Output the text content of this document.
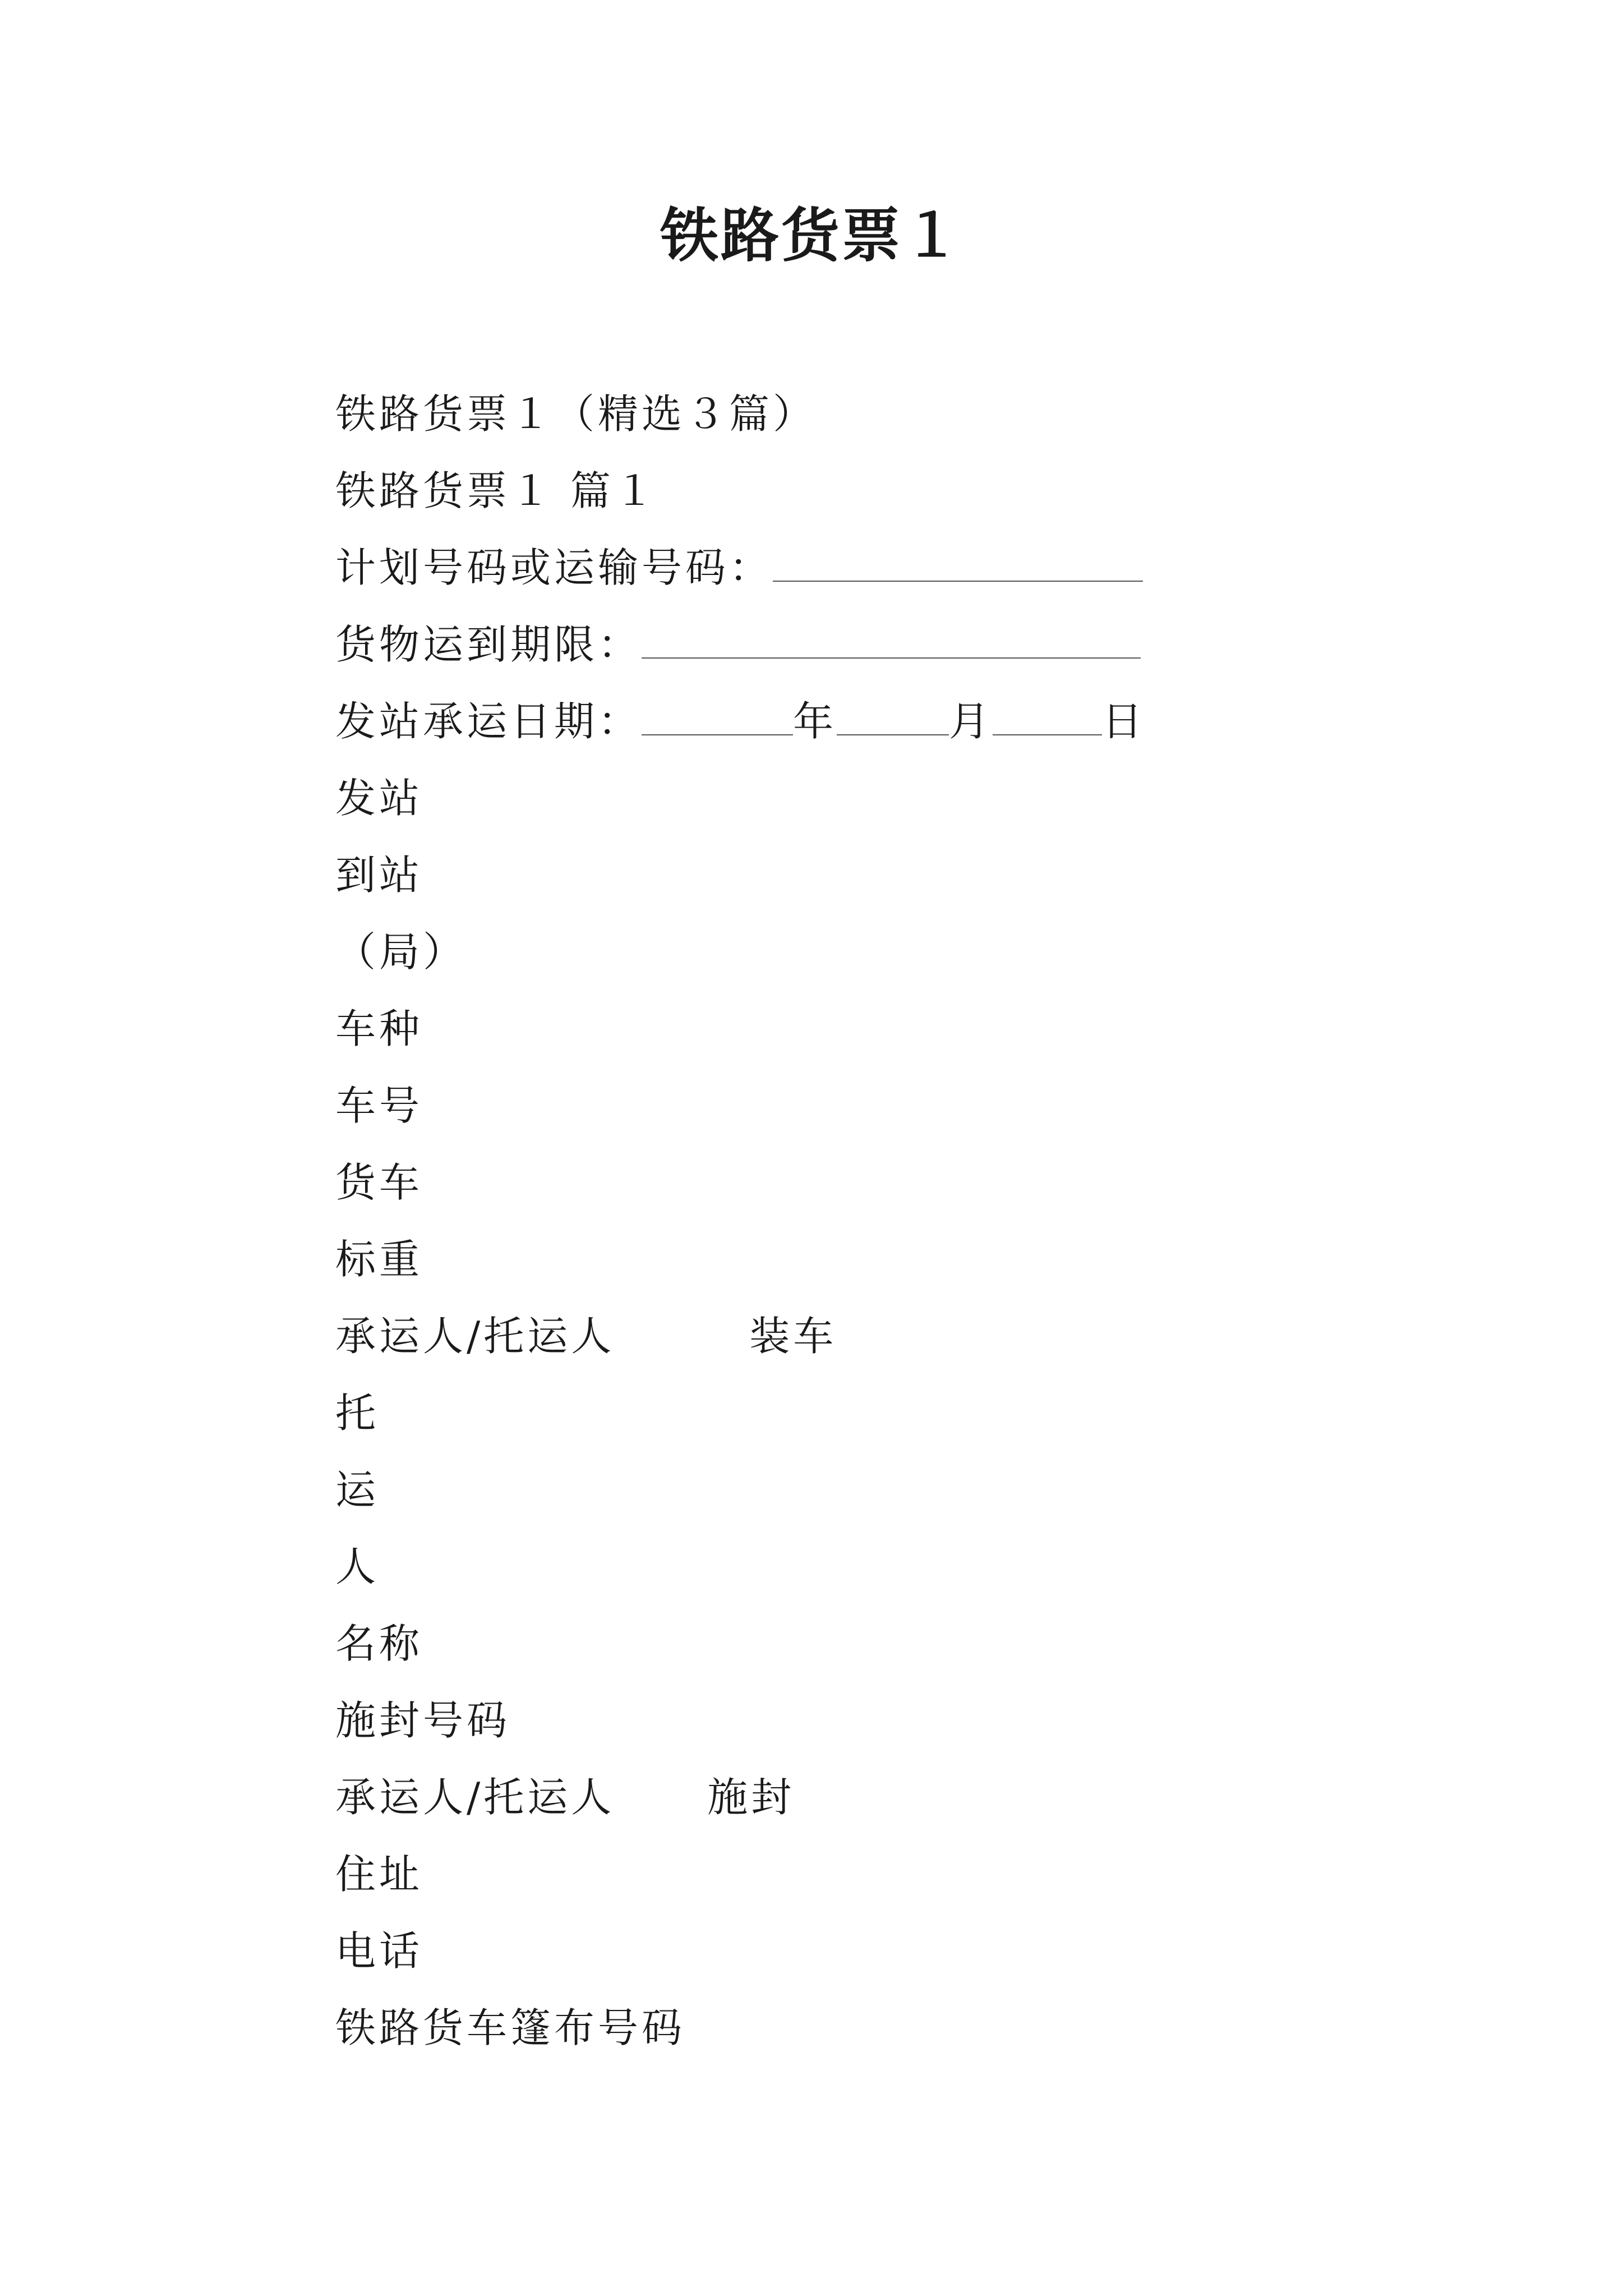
铁路货票１
铁路货票１（精选３篇）
铁路货票１ 篇１
计划号码或运输号码：
货物运到期限：
发站承运日期：	年	月	日
发站
到站
（局）
车种
车号
货车
标重
承运人/托运人	装车
托
运
人
名称
施封号码
承运人/托运人 施封
住址
电话
铁路货车篷布号码
